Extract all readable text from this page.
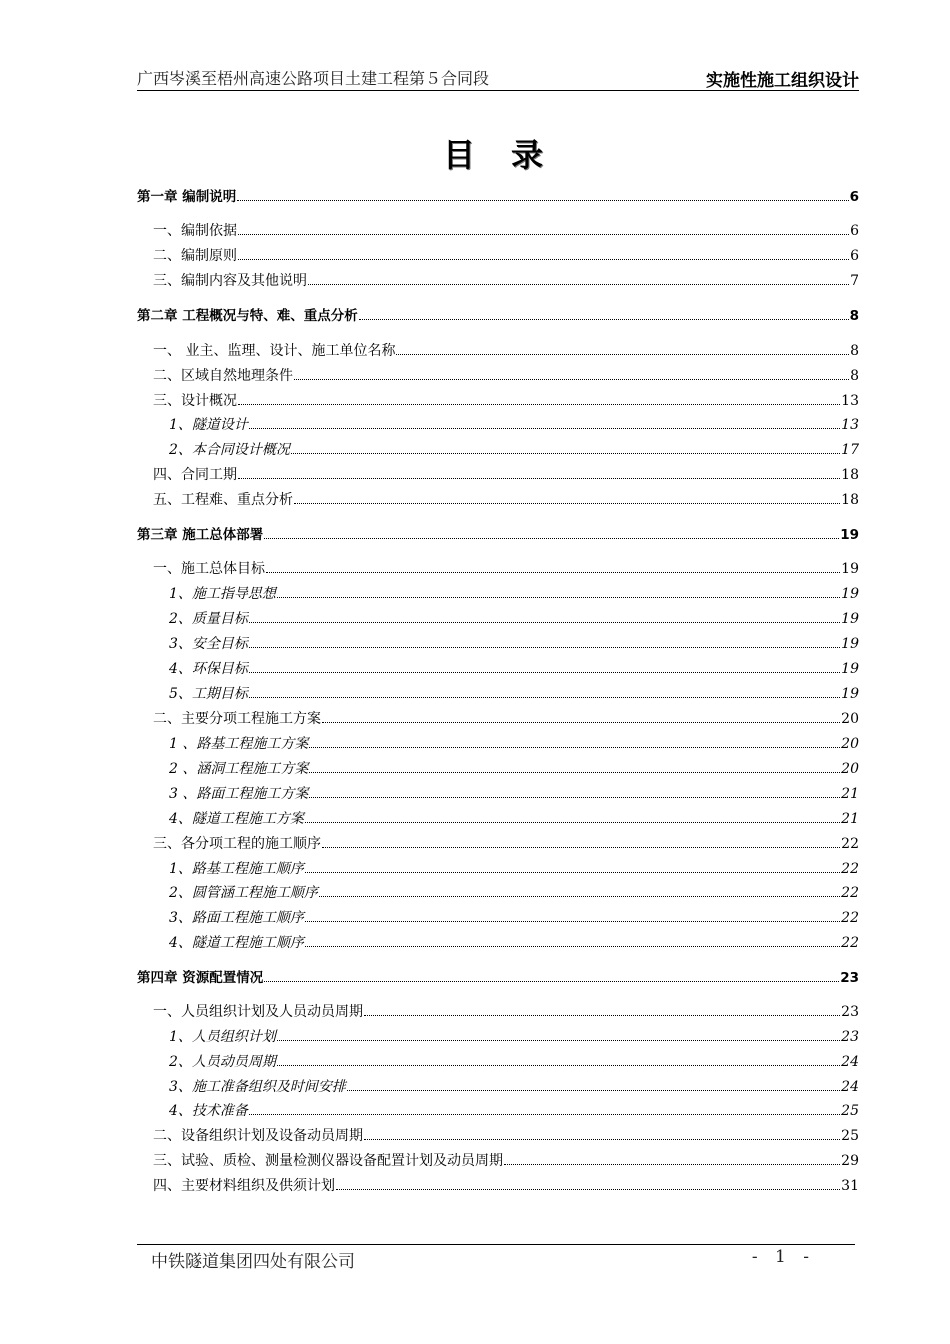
广西岑溪至梧州高速公路项目土建工程第５合同段	实施性施工组织设计
目录
第一章 编制说明	6
一、编制依据	6
二、编制原则	6
三、编制内容及其他说明	7
第二章 工程概况与特、难、重点分析	8
一、 业主、监理、设计、施工单位名称	8
二、区域自然地理条件	8
三、设计概况	13
1、隧道设计	13
2、本合同设计概况	17
四、合同工期	18
五、工程难、重点分析	18
第三章 施工总体部署	19
一、施工总体目标	19
1、施工指导思想	19
2、质量目标	19
3、安全目标	19
4、环保目标	19
5、工期目标	19
二、主要分项工程施工方案	20
1 、路基工程施工方案	20
2 、涵洞工程施工方案	20
3 、路面工程施工方案	21
4、隧道工程施工方案	21
三、各分项工程的施工顺序	22
1、路基工程施工顺序	22
2、圆管涵工程施工顺序	22
3、路面工程施工顺序	22
4、隧道工程施工顺序	22
第四章 资源配置情况	23
一、人员组织计划及人员动员周期	23
1、人员组织计划	23
2、人员动员周期	24
3、施工准备组织及时间安排	24
4、技术准备	25
二、设备组织计划及设备动员周期	25
三、试验、质检、测量检测仪器设备配置计划及动员周期	29
四、主要材料组织及供须计划	31
中铁隧道集团四处有限公司	- 1 -
